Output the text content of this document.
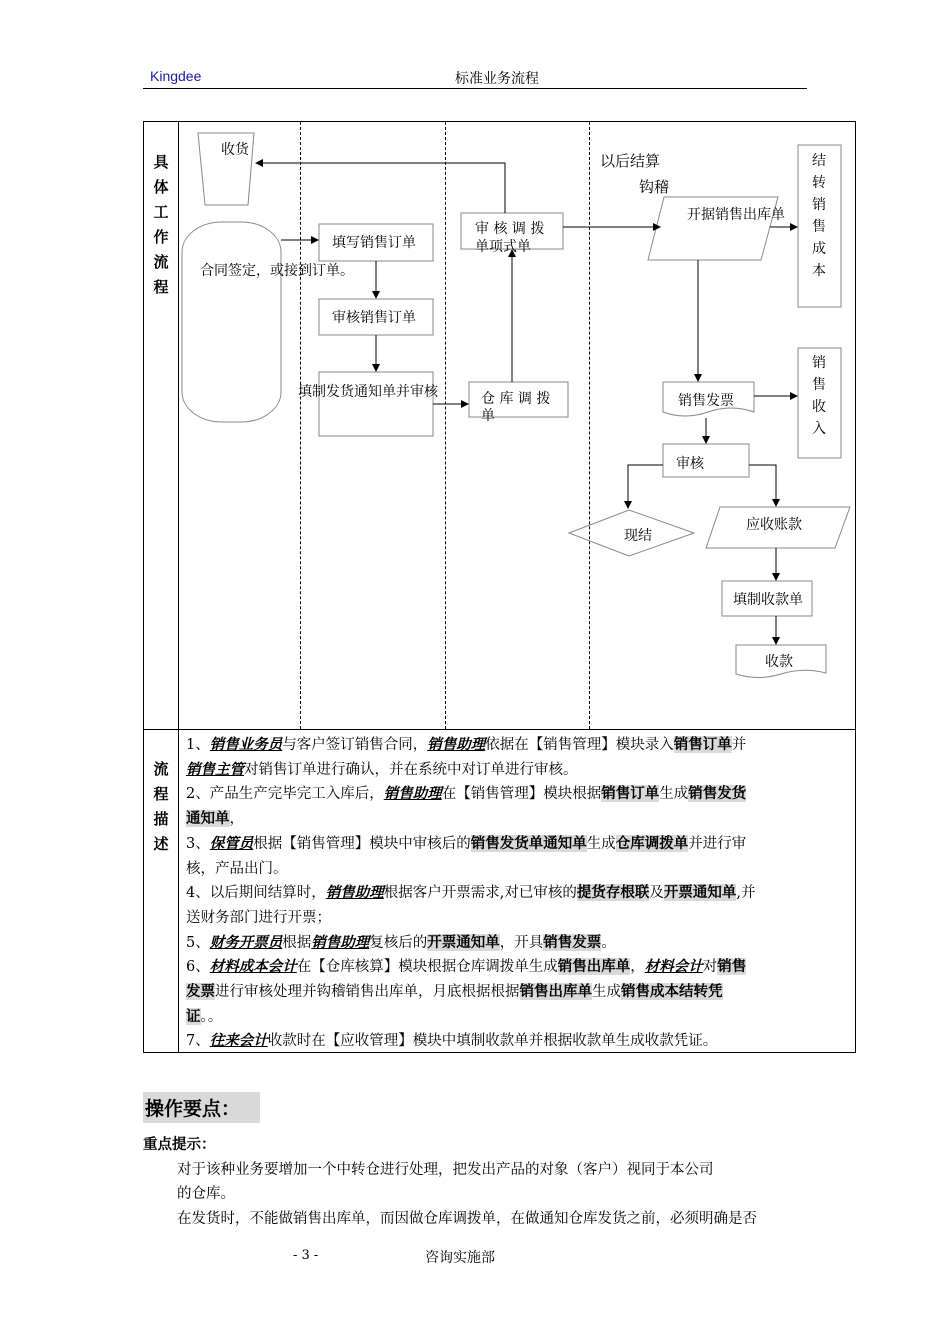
Kingdee	标准业务流程
具
体
工
作
流
程
流
程
描
述
收货
合同签定，或接到订单。
填写销售订单
审核销售订单
填制发货通知单并审核
审 核 调 拨
单项式单
仓 库 调 拨
单
以后结算
钩稽
开据销售出库单
结
转
销
售
成
本
销售发票
销
售
收
入
审核
现结
应收账款
填制收款单
收款

1、销售业务员与客户签订销售合同，销售助理依据在【销售管理】模块录入销售订单并

销售主管对销售订单进行确认，并在系统中对订单进行审核。

2、产品生产完毕完工入库后，销售助理在【销售管理】模块根据销售订单生成销售发货

通知单，

3、保管员根据【销售管理】模块中审核后的销售发货单通知单生成仓库调拨单并进行审

核，产品出门。

4、以后期间结算时，销售助理根据客户开票需求,对已审核的提货存根联及开票通知单,并

送财务部门进行开票；

5、财务开票员根据销售助理复核后的开票通知单，开具销售发票。

6、材料成本会计在【仓库核算】模块根据仓库调拨单生成销售出库单，材料会计对销售

发票进行审核处理并钩稽销售出库单，月底根据根据销售出库单生成销售成本结转凭

证。。

7、往来会计收款时在【应收管理】模块中填制收款单并根据收款单生成收款凭证。

操作要点：
重点提示：
对于该种业务要增加一个中转仓进行处理，把发出产品的对象（客户）视同于本公司
的仓库。
在发货时，不能做销售出库单，而因做仓库调拨单，在做通知仓库发货之前，必须明确是否
- 3 -	咨询实施部
